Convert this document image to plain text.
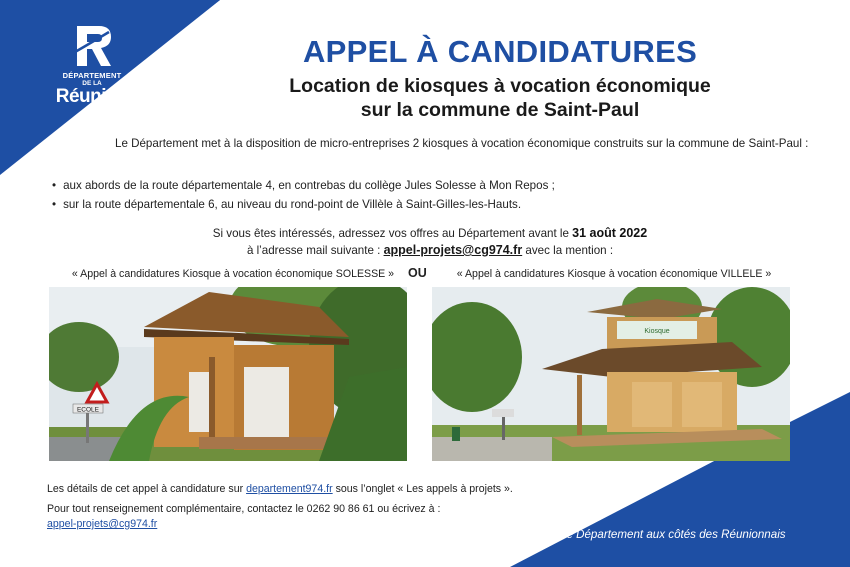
DÉPARTEMENT
DE LA
Réunion
APPEL À CANDIDATURES
Location de kiosques à vocation économique
sur la commune de Saint-Paul

Le Département met à la disposition de micro-entreprises 2 kiosques à vocation économique construits sur la commune de Saint-Paul :

• aux abords de la route départementale 4, en contrebas du collège Jules Solesse à Mon Repos ;
• sur la route départementale 6, au niveau du rond-point de Villèle à Saint-Gilles-les-Hauts.
Si vous êtes intéressés, adressez vos offres au Département avant le 31 août 2022
à l’adresse mail suivante : appel-projets@cg974.fr avec la mention :
« Appel à candidatures Kiosque à vocation économique SOLESSE »	OU	« Appel à candidatures Kiosque à vocation économique VILLELE »
ECOLE
Kiosque

Les détails de cet appel à candidature sur departement974.fr sous l’onglet « Les appels à projets ».

Pour tout renseignement complémentaire, contactez le 0262 90 86 61 ou écrivez à :
appel-projets@cg974.fr

Le Département aux côtés des Réunionnais
